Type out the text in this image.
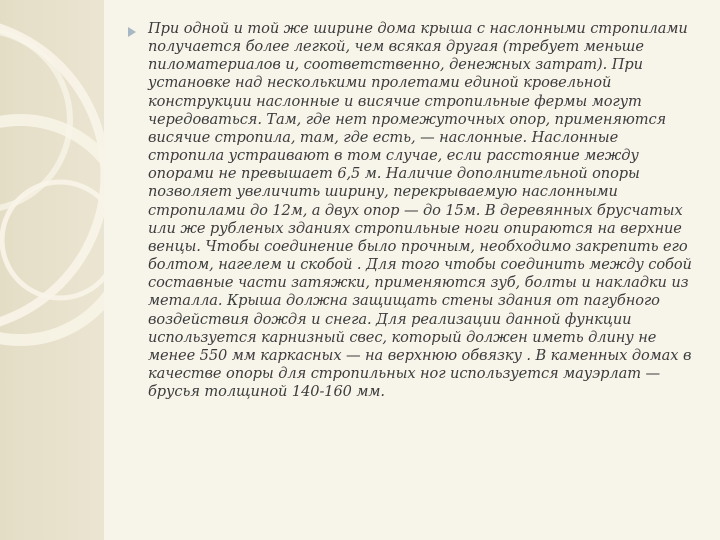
При одной и той же ширине дома крыша с наслонными стропилами получается более легкой, чем всякая другая (требует меньше пиломатериалов и, соответственно, денежных затрат). При установке над несколькими пролетами единой кровельной конструкции наслонные и висячие стропильные фермы могут чередоваться. Там, где нет промежуточных опор, применяются висячие стропила, там, где есть, — наслонные. Наслонные стропила устраивают в том случае, если расстояние между опорами не превышает 6,5 м. Наличие дополнительной опоры позволяет увеличить ширину, перекрываемую наслонными стропилами до 12м, а двух опор — до 15м. В деревянных брусчатых или же рубленых зданиях стропильные ноги опираются на верхние венцы. Чтобы соединение было прочным, необходимо закрепить его болтом, нагелем и скобой . Для того чтобы соединить между собой составные части затяжки, применяются зуб, болты и накладки из металла. Крыша должна защищать стены здания от пагубного воздействия дождя и снега. Для реализации данной функции используется карнизный свес, который должен иметь длину не менее 550 мм каркасных — на верхнюю обвязку . В каменных домах в качестве опоры для стропильных ног используется мауэрлат — брусья толщиной 140-160 мм.
